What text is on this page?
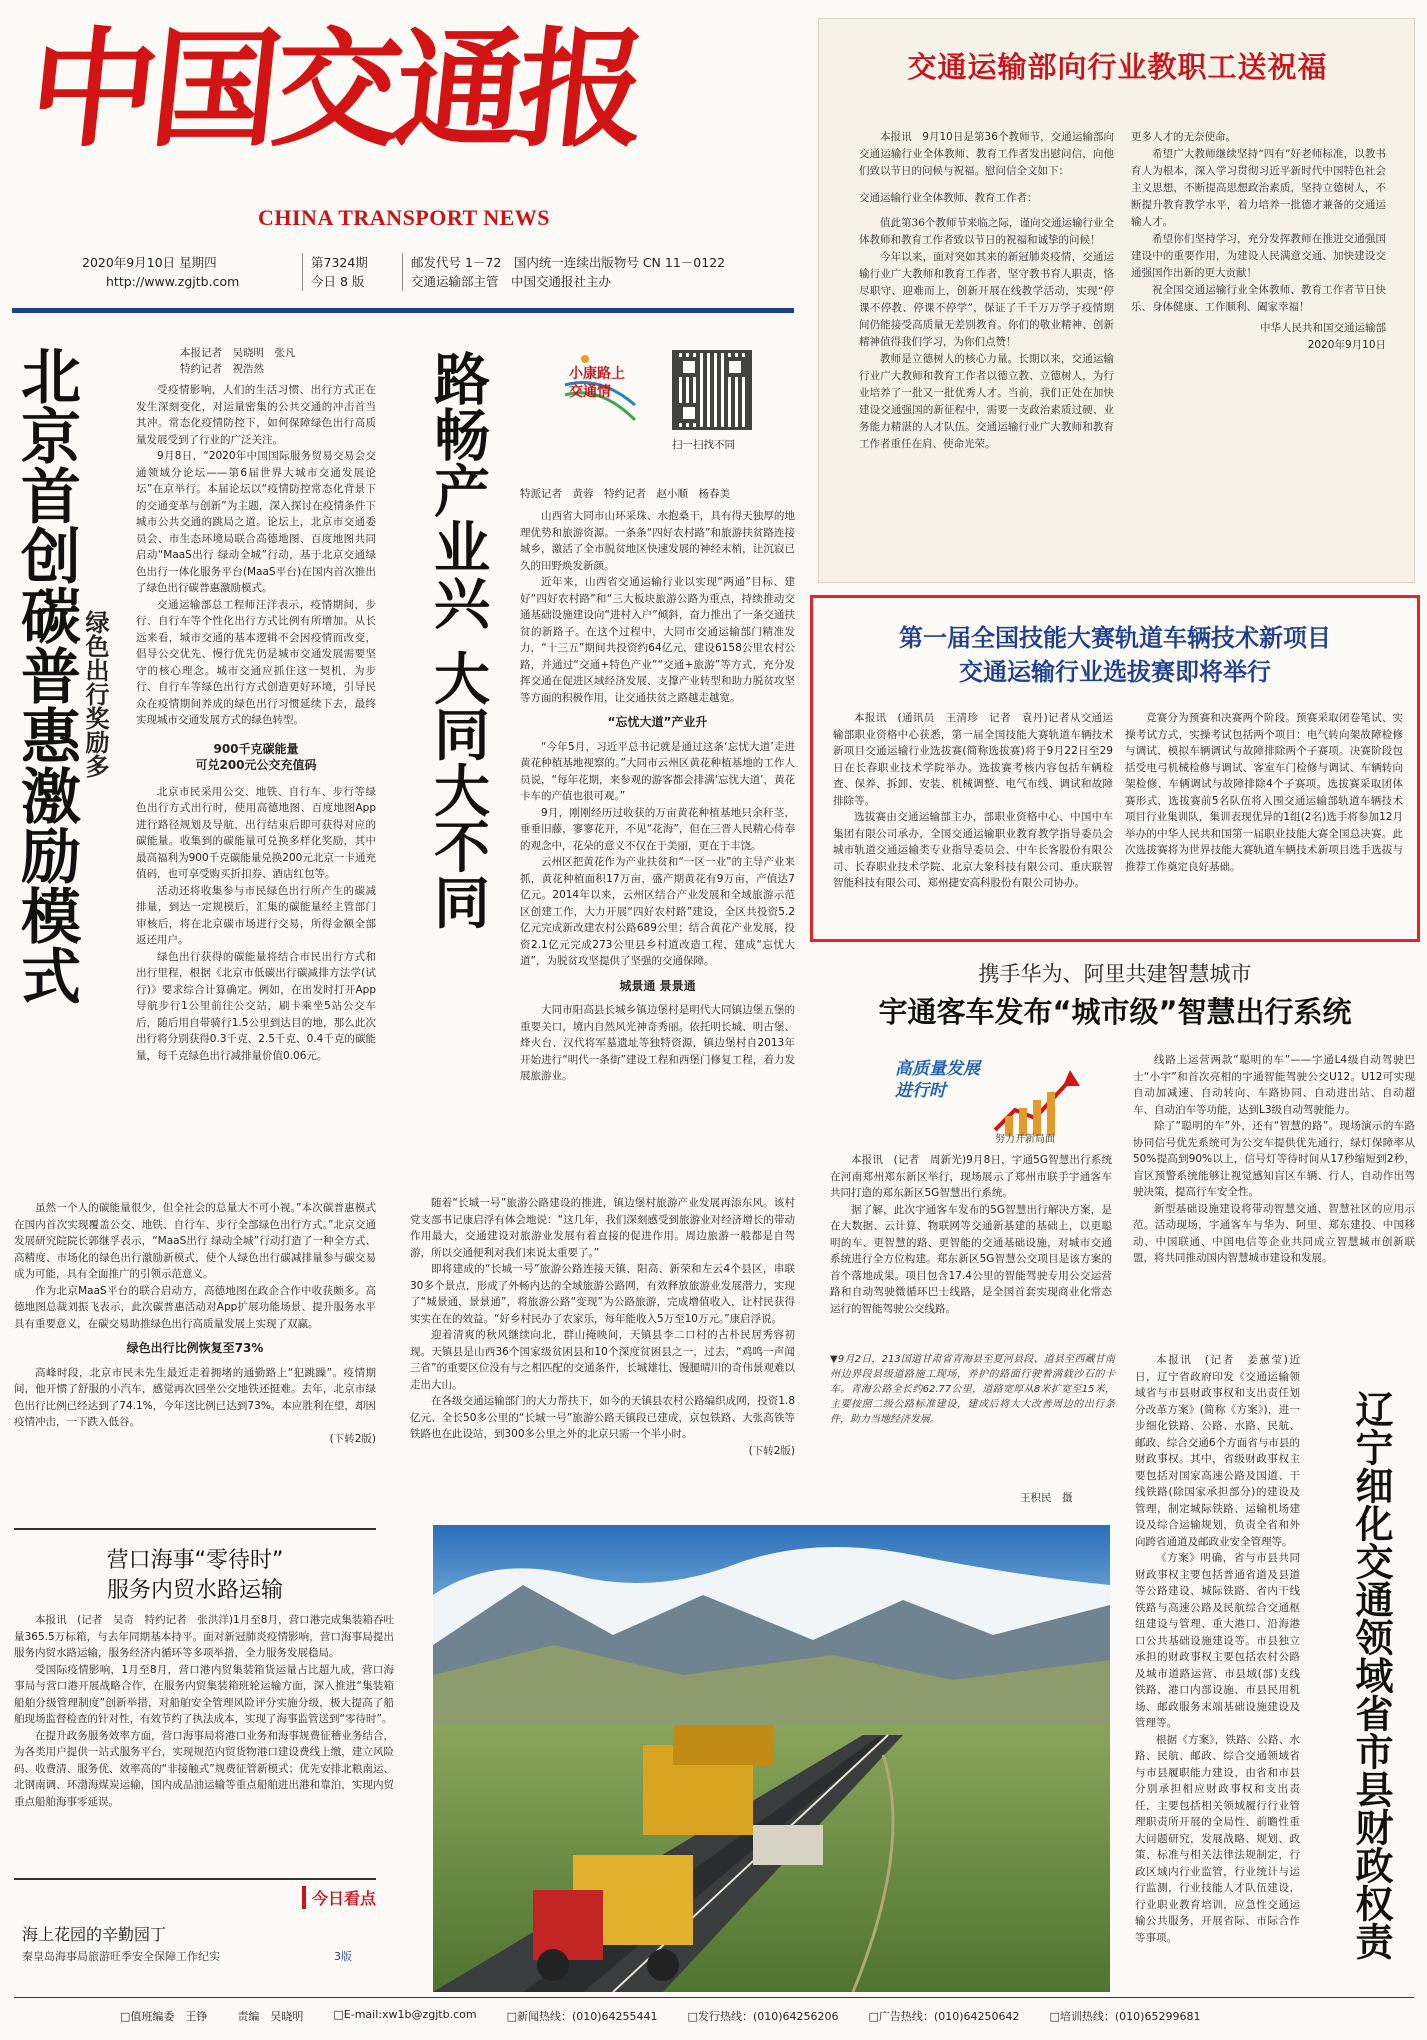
中国交通报
CHINA TRANSPORT NEWS
2020年9月10日 星期四
http://www.zgjtb.com
第7324期
今日 8 版
邮发代号 1－72　 国内统一连续出版物号 CN 11－0122
交通运输部主管　 中国交通报社主办
交通运输部向行业教职工送祝福

本报讯　9月10日是第36个教师节，交通运输部向交通运输行业全体教师、教育工作者发出慰问信，向他们致以节日的问候与祝福。慰问信全文如下：

交通运输行业全体教师、教育工作者：

值此第36个教师节来临之际，谨向交通运输行业全体教师和教育工作者致以节日的祝福和诚挚的问候！

今年以来，面对突如其来的新冠肺炎疫情，交通运输行业广大教师和教育工作者，坚守教书育人职责，恪尽职守、迎难而上，创新开展在线教学活动，实现“停课不停教、停课不停学”，保证了千千万万学子疫情期间仍能接受高质量无差别教育。你们的敬业精神、创新精神值得我们学习，为你们点赞！

教师是立德树人的核心力量。长期以来，交通运输行业广大教师和教育工作者以德立教、立德树人，为行业培养了一批又一批优秀人才。当前，我们正处在加快建设交通强国的新征程中，需要一支政治素质过硬、业务能力精湛的人才队伍。交通运输行业广大教师和教育工作者重任在肩、使命光荣。

更多人才的无奈使命。

希望广大教师继续坚持“四有”好老师标准，以教书育人为根本，深入学习贯彻习近平新时代中国特色社会主义思想，不断提高思想政治素质，坚持立德树人，不断提升教育教学水平，着力培养一批德才兼备的交通运输人才。

希望你们坚持学习，充分发挥教师在推进交通强国建设中的重要作用，为建设人民满意交通、加快建设交通强国作出新的更大贡献！

祝全国交通运输行业全体教师、教育工作者节日快乐、身体健康、工作顺利、阖家幸福！

中华人民共和国交通运输部

2020年9月10日

北京首创碳普惠激励模式 绿色出行奖励多
本报记者　吴晓明　张凡
特约记者　祝浩然

受疫情影响，人们的生活习惯、出行方式正在发生深刻变化，对运量密集的公共交通的冲击首当其冲。常态化疫情防控下，如何保障绿色出行高质量发展受到了行业的广泛关注。

9月8日，“2020年中国国际服务贸易交易会交通领域分论坛——第6届世界大城市交通发展论坛”在京举行。本届论坛以“疫情防控常态化背景下的交通变革与创新”为主题，深入探讨在疫情条件下城市公共交通的跳局之道。论坛上，北京市交通委员会、市生态环境局联合高德地图、百度地图共同启动“MaaS出行 绿动全城”行动，基于北京交通绿色出行一体化服务平台(MaaS平台)在国内首次推出了绿色出行碳普惠激励模式。

交通运输部总工程师汪洋表示，疫情期间，步行、自行车等个性化出行方式比例有所增加。从长远来看，城市交通的基本逻辑不会因疫情而改变，倡导公交优先、慢行优先仍是城市交通发展需要坚守的核心理念。城市交通应抓住这一契机，为步行、自行车等绿色出行方式创造更好环境，引导民众在疫情期间养成的绿色出行习惯延续下去，最终实现城市交通发展方式的绿色转型。

900千克碳能量
可兑200元公交充值码

北京市民采用公交、地铁、自行车、步行等绿色出行方式出行时，使用高德地图、百度地图App进行路径规划及导航，出行结束后即可获得对应的碳能量。收集到的碳能量可兑换多样化奖励，其中最高福利为900千克碳能量兑换200元北京一卡通充值码，也可享受购买折扣券、酒店红包等。

活动还将收集参与市民绿色出行所产生的碳减排量，到达一定规模后，汇集的碳能量经主管部门审核后，将在北京碳市场进行交易，所得金额全部返还用户。

绿色出行获得的碳能量将结合市民出行方式和出行里程，根据《北京市低碳出行碳减排方法学(试行)》要求综合计算确定。例如，在出发时打开App导航步行1公里前往公交站，刷卡乘坐5站公交车后，随后用自带骑行1.5公里到达目的地，那么此次出行将分别获得0.3千克、2.5千克、0.4千克的碳能量，每千克绿色出行减排量价值0.06元。

虽然一个人的碳能量很少，但全社会的总量大不可小视。”本次碳普惠模式在国内首次实现覆盖公交、地铁、自行车、步行全部绿色出行方式。”北京交通发展研究院院长郭继孚表示，“MaaS出行 绿动全城”行动打造了一种全方式、高精度、市场化的绿色出行激励新模式，使个人绿色出行碳减排量参与碳交易成为可能，具有全面推广的引领示范意义。

作为北京MaaS平台的联合启动方，高德地图在政企合作中收获颇多。高德地图总裁刘振飞表示，此次碳普惠活动对App扩展功能场景、提升服务水平具有重要意义，在碳交易助推绿色出行高质量发展上实现了双赢。

绿色出行比例恢复至73%

高峰时段，北京市民未先生最近走着拥堵的通勤路上“犯跳躁”。疫情期间，他开惯了舒服的小汽车，感觉再次回坐公交地铁还挺难。去年，北京市绿色出行比例已经达到了74.1%，今年这比例已达到73%。本应胜利在望，却因疫情冲击，一下跌入低谷。

(下转2版)
路畅产业兴 大同大不同	小康路上交通情
扫一扫找不同
特派记者　黄蓉　特约记者　赵小顺　杨春美

山西省大同市山环采珠、水抱桑干，具有得天独厚的地理优势和旅游资源。一条条“四好农村路”和旅游扶贫路连接城乡，激活了全市脱贫地区快速发展的神经末梢，让沉寂已久的田野焕发新颜。

近年来，山西省交通运输行业以实现“两通”目标、建好“四好农村路”和“三大板块旅游公路为重点，持续推动交通基础设施建设向“进村入户”倾斜，奋力推出了一条交通扶贫的新路子。在这个过程中，大同市交通运输部门精准发力，“十三五”期间共投资约64亿元，建设6158公里农村公路，并通过“交通+特色产业”“交通+旅游”等方式，充分发挥交通在促进区域经济发展、支撑产业转型和助力脱贫攻坚等方面的积极作用，让交通扶贫之路越走越宽。

“忘忧大道”产业升

“今年5月，习近平总书记就是通过这条‘忘忧大道’走进黄花种植基地视察的。”大同市云州区黄花种植基地的工作人员说，“每年花期，来参观的游客都会排满‘忘忧大道’，黄花卡车的产值也很可观。”

9月，刚刚经历过收获的万亩黄花种植基地只余秆茎，垂垂旧藤，寥寥花开，不见“花海”，但在三晋人民精心侍奉的观念中，花朵的意义不仅在于美丽，更在于丰饶。

云州区把黄花作为产业扶贫和“一区一业”的主导产业来抓，黄花种植面积17万亩，盛产期黄花有9万亩，产值达7亿元。2014年以来，云州区结合产业发展和全域旅游示范区创建工作，大力开展“四好农村路”建设，全区共投资5.2亿元完成新改建农村公路689公里；结合黄花产业发展，投资2.1亿元完成273公里县乡村道改造工程，建成“忘忧大道”，为脱贫攻坚提供了坚强的交通保障。

城景通 景景通

大同市阳高县长城乡镇边堡村是明代大同镇边堡五堡的重要关口，境内自然风光神奇秀丽。依托明长城、明古堡、烽火台、汉代将军墓遗址等独特资源，镇边堡村自2013年开始进行“明代一条街”建设工程和西堡门修复工程，着力发展旅游业。

随着“长城一号”旅游公路建设的推进，镇边堡村旅游产业发展再添东风。该村党支部书记康启浮有体会地说：“这几年，我们深刻感受到旅游业对经济增长的带动作用最大，交通建设对旅游业发展有着直接的促进作用。周边旅游一般都是自驾游，所以交通便利对我们来说太重要了。”

即将建成的“长城一号”旅游公路连接天镇、阳高、新荣和左云4个县区，串联30多个景点，形成了外畅内达的全域旅游公路网，有效释放旅游业发展潜力，实现了“城景通，景景通”，将旅游公路“变现”为公路旅游，完成增值收入，让村民获得实实在在的效益。“好乡村民办了农家乐，每年能收入5万至10万元。”康启浮说。

迎着清爽的秋风继续向北，群山掩映间，天镇县李二口村的古朴民居秀容初现。天镇县是山西36个国家级贫困县和10个深度贫困县之一，过去，“鸡鸣一声闻三省”的重要区位没有与之相匹配的交通条件，长城雄壮、馒腿晴川的奇伟景观难以走出大山。

在各级交通运输部门的大力帮扶下，如今的天镇县农村公路编织成网，投资1.8亿元、全长50多公里的“长城一号”旅游公路天镇段已建成，京包铁路、大张高铁等铁路也在此设站，到300多公里之外的北京只需一个半小时。

(下转2版)
第一届全国技能大赛轨道车辆技术新项目
交通运输行业选拔赛即将举行

本报讯　(通讯员　王清珍　记者　袁丹)记者从交通运输部职业资格中心获悉，第一届全国技能大赛轨道车辆技术新项目交通运输行业选拔赛(简称选拔赛)将于9月22日至29日在长春职业技术学院举办。选拔赛考核内容包括车辆检查、保养、拆卸、安装、机械调整、电气布线、调试和故障排除等。

选拔赛由交通运输部主办，部职业资格中心、中国中车集团有限公司承办，全国交通运输职业教育教学指导委员会城市轨道交通运输类专业指导委员会、中车长客股份有限公司、长春职业技术学院、北京大象科技有限公司、重庆联智智能科技有限公司、郑州捷安高科股份有限公司协办。

竞赛分为预赛和决赛两个阶段。预赛采取闭卷笔试、实操考试方式，实操考试包括两个项目：电气转向架故障检修与调试、模拟车辆调试与故障排除两个子赛项。决赛阶段包括受电弓机械检修与调试、客室车门检修与调试、车辆转向架检修、车辆调试与故障排除4个子赛项。选拔赛采取团体赛形式，选拔赛前5名队伍将入围交通运输部轨道车辆技术项目行业集训队，集训表现优异的1组(2名)选手将参加12月举办的中华人民共和国第一届职业技能大赛全国总决赛。此次选拔赛将为世界技能大赛轨道车辆技术新项目选手选拔与推荐工作奠定良好基础。

携手华为、阿里共建智慧城市
宇通客车发布“城市级”智慧出行系统
高质量发展进行时
努力开新局面

本报讯　(记者　周新光)9月8日，宇通5G智慧出行系统在河南郑州郑东新区举行，现场展示了郑州市联手宇通客车共同打造的郑东新区5G智慧出行系统。

据了解，此次宇通客车发布的5G智慧出行解决方案，是在大数据、云计算、物联网等交通新基建的基础上，以更聪明的车、更智慧的路、更智能的交通基础设施，对城市交通系统进行全方位构建。郑东新区5G智慧公交项目是该方案的首个落地成果。项目包含17.4公里的智能驾驶专用公交运营路和自动驾驶微循环巴士线路，是全国首套实现商业化常态运行的智能驾驶公交线路。

线路上运营两款“聪明的车”——宇通L4级自动驾驶巴士“小宇”和首次亮相的宇通智能驾驶公交U12。U12可实现自动加减速、自动转向、车路协同、自动进出站、自动超车、自动泊车等功能，达到L3级自动驾驶能力。

除了“聪明的车”外，还有“智慧的路”。现场演示的车路协同信号优先系统可为公交车提供优先通行，绿灯保障率从50%提高到90%以上，信号灯等待时间从17秒缩短到2秒，盲区预警系统能够让视觉感知盲区车辆、行人，自动作出驾驶决策，提高行车安全性。

新型基础设施建设将带动智慧交通、智慧社区的应用示范。活动现场，宇通客车与华为、阿里、郑东建投、中国移动、中国联通、中国电信等企业共同成立智慧城市创新联盟，将共同推动国内智慧城市建设和发展。

▼9月2日，213国道甘肃省青海县至夏河县段、道县至西藏甘南州边界段县级道路施工现场，养护的路面行驶着满载沙石的卡车。青海公路全长约62.77公里，道路宽厚从8米扩宽至15米，主要按照二级公路标准建设，建成后将大大改善周边的出行条件，助力当地经济发展。
王积民　摄

本报讯　(记者　姜蕙莹)近日，辽宁省政府印发《交通运输领域省与市县财政事权和支出责任划分改革方案》(简称《方案》)，进一步细化铁路、公路、水路、民航、邮政、综合交通6个方面省与市县的财政事权。其中，省级财政事权主要包括对国家高速公路及国道、干线铁路(除国家承担部分)的建设及管理，制定城际铁路、运输机场建设及综合运输规划，负责全省和外向跨省通道及邮政业安全管理等。

《方案》明确，省与市县共同财政事权主要包括普通省道及县道等公路建设、城际铁路、省内干线铁路与高速公路及民航综合交通枢纽建设与管理、重大港口、沿海港口公共基础设施建设等。市县独立承担的财政事权主要包括农村公路及城市道路运营、市县域(部)支线铁路、港口内部设施、市县民用机场、邮政服务末端基础设施建设及管理等。

根据《方案》，铁路、公路、水路、民航、邮政、综合交通领域省与市县履职能力建设，由省和市县分别承担相应财政事权和支出责任，主要包括相关领域履行行业管理职责所开展的全局性、前瞻性重大问题研究，发展战略、规划、政策、标准与相关法律法规制定，行政区域内行业监管，行业统计与运行监测，行业技能人才队伍建设，行业职业教育培训，应急性交通运输公共服务，开展省际、市际合作等事项。	辽宁细化交通领域省市县财政权责
营口海事“零待时”
服务内贸水路运输

本报讯　(记者　吴奇　特约记者　张洪洋)1月至8月，营口港完成集装箱吞吐量365.5万标箱，与去年同期基本持平。面对新冠肺炎疫情影响，营口海事局提出服务内贸水路运输，服务经济内循环等多项举措，全力服务发展稳局。

受国际疫情影响，1月至8月，营口港内贸集装箱货运量占比超九成，营口海事局与营口港开展战略合作，在服务内贸集装箱班轮运输方面，深入推进“集装箱船舶分级管理制度”创新举措，对船舶安全管理风险评分实施分级，极大提高了船舶现场监督检查的针对性，有效节约了执法成本，实现了海事监管送到“零待时”。

在提升政务服务效率方面，营口海事局将港口业务和海事规费征稽业务结合，为各类用户提供一站式服务平台，实现规范内贸货物港口建设费线上缴，建立风险码、收费清、服务优、效率高的“非接触式”规费征管新模式；优先安排北粮南运、北钢南调、环渤海煤炭运输，国内成品油运输等重点船舶进出港和靠泊，实现内贸重点船舶海事零延误。

今日看点
海上花园的辛勤园丁
秦皇岛海事局旅游旺季安全保障工作纪实	3版
□值班编委　王铮	责编　吴晓明	□E-mail:xw1b@zgjtb.com	□新闻热线：(010)64255441	□发行热线：(010)64256206	□广告热线：(010)64250642	□培训热线：(010)65299681
